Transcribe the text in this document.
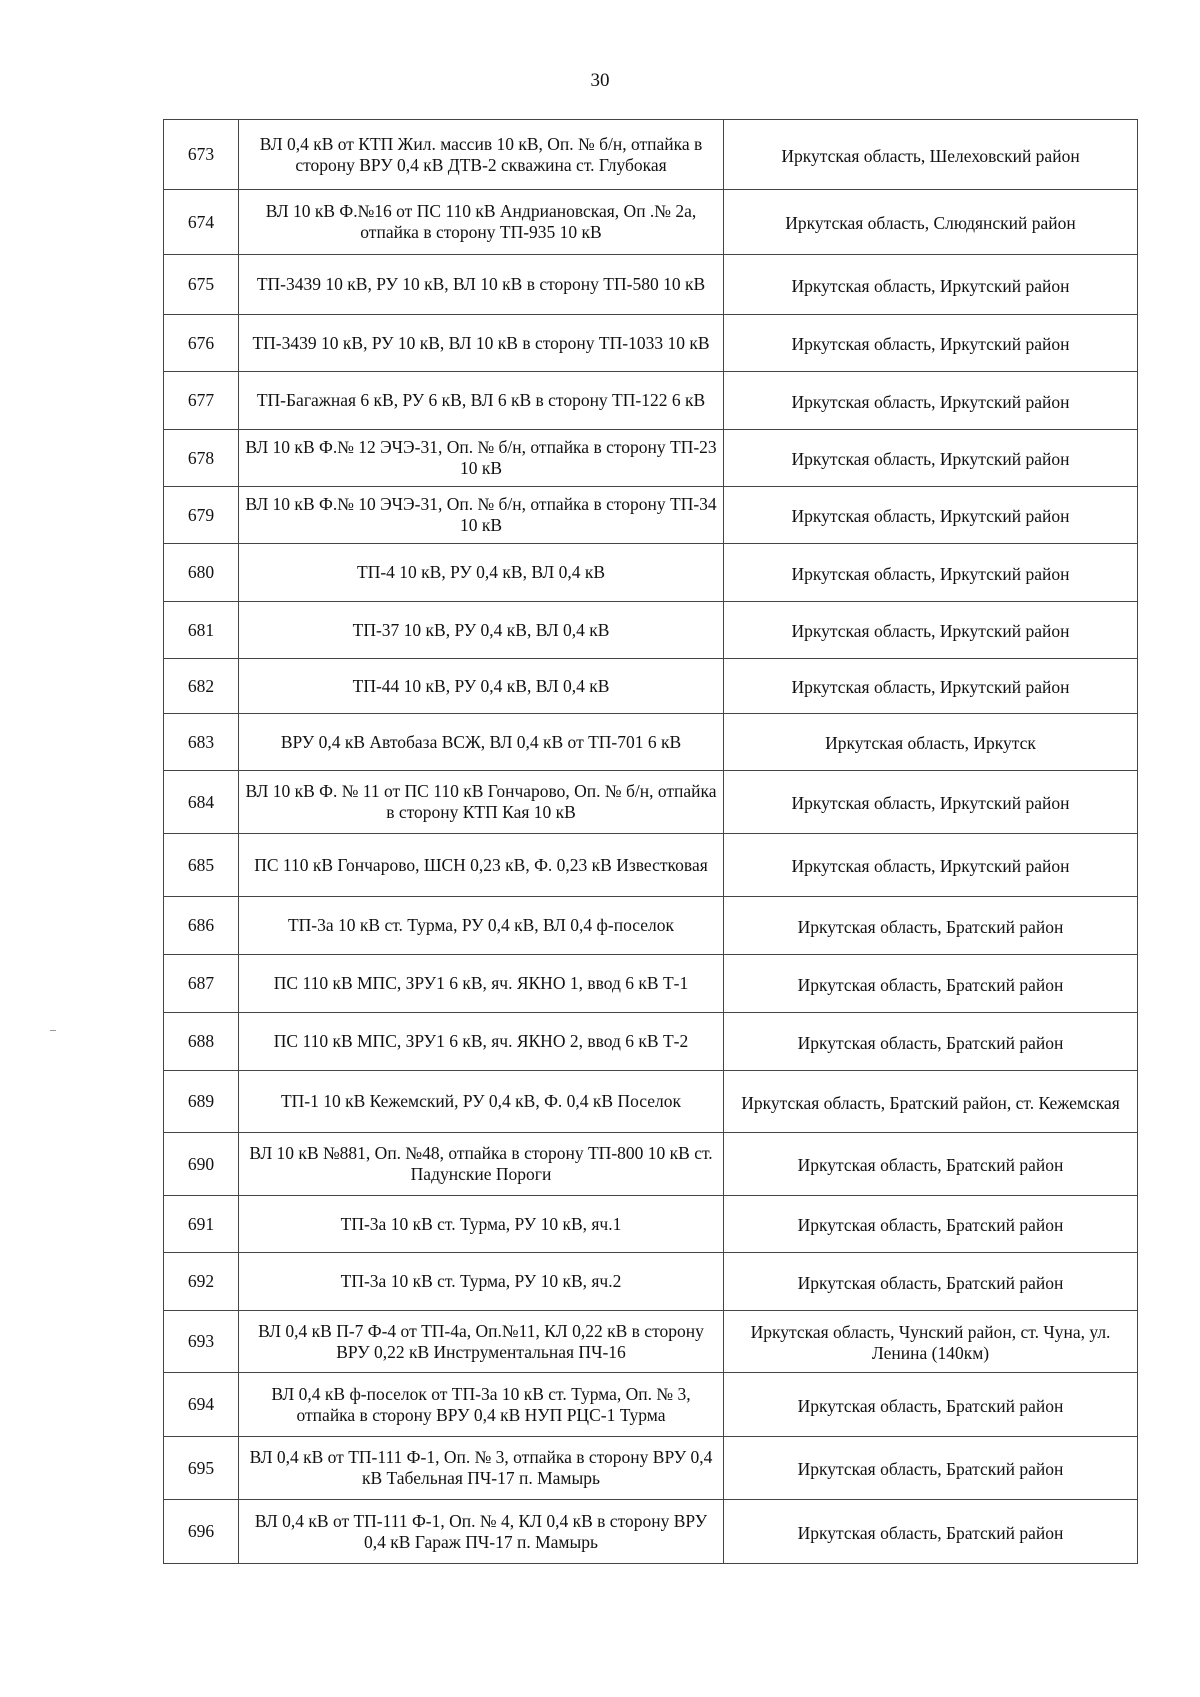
30
673	ВЛ 0,4 кВ от КТП Жил. массив 10 кВ, Оп. № б/н, отпайка в сторону ВРУ 0,4 кВ ДТВ-2 скважина ст. Глубокая	Иркутская область, Шелеховский район
674	ВЛ 10 кВ Ф.№16 от ПС 110 кВ Андриановская, Оп .№ 2а, отпайка в сторону ТП-935 10 кВ	Иркутская область, Слюдянский район
675	ТП-3439 10 кВ, РУ 10 кВ, ВЛ 10 кВ в сторону ТП-580 10 кВ	Иркутская область, Иркутский район
676	ТП-3439 10 кВ, РУ 10 кВ, ВЛ 10 кВ в сторону ТП-1033 10 кВ	Иркутская область, Иркутский район
677	ТП-Багажная 6 кВ, РУ 6 кВ, ВЛ 6 кВ в сторону ТП-122 6 кВ	Иркутская область, Иркутский район
678	ВЛ 10 кВ Ф.№ 12 ЭЧЭ-31, Оп. № б/н, отпайка в сторону ТП-23 10 кВ	Иркутская область, Иркутский район
679	ВЛ 10 кВ Ф.№ 10 ЭЧЭ-31, Оп. № б/н, отпайка в сторону ТП-34 10 кВ	Иркутская область, Иркутский район
680	ТП-4 10 кВ, РУ 0,4 кВ, ВЛ 0,4 кВ	Иркутская область, Иркутский район
681	ТП-37 10 кВ, РУ 0,4 кВ, ВЛ 0,4 кВ	Иркутская область, Иркутский район
682	ТП-44 10 кВ, РУ 0,4 кВ, ВЛ 0,4 кВ	Иркутская область, Иркутский район
683	ВРУ 0,4 кВ Автобаза ВСЖ, ВЛ 0,4 кВ от ТП-701 6 кВ	Иркутская область, Иркутск
684	ВЛ 10 кВ Ф. № 11 от ПС 110 кВ Гончарово, Оп. № б/н, отпайка в сторону КТП Кая 10 кВ	Иркутская область, Иркутский район
685	ПС 110 кВ Гончарово, ШСН 0,23 кВ, Ф. 0,23 кВ Известковая	Иркутская область, Иркутский район
686	ТП-3а 10 кВ ст. Турма, РУ 0,4 кВ, ВЛ 0,4 ф-поселок	Иркутская область, Братский район
687	ПС 110 кВ МПС, ЗРУ1 6 кВ, яч. ЯКНО 1, ввод 6 кВ Т-1	Иркутская область, Братский район
688	ПС 110 кВ МПС, ЗРУ1 6 кВ, яч. ЯКНО 2, ввод 6 кВ Т-2	Иркутская область, Братский район
689	ТП-1 10 кВ Кежемский, РУ 0,4 кВ, Ф. 0,4 кВ Поселок	Иркутская область, Братский район, ст. Кежемская
690	ВЛ 10 кВ №881, Оп. №48, отпайка в сторону ТП-800 10 кВ ст. Падунские Пороги	Иркутская область, Братский район
691	ТП-3а 10 кВ ст. Турма, РУ 10 кВ, яч.1	Иркутская область, Братский район
692	ТП-3а 10 кВ ст. Турма, РУ 10 кВ, яч.2	Иркутская область, Братский район
693	ВЛ 0,4 кВ П-7 Ф-4 от ТП-4а, Оп.№11, КЛ 0,22 кВ в сторону ВРУ 0,22 кВ Инструментальная ПЧ-16	Иркутская область, Чунский район, ст. Чуна, ул. Ленина (140км)
694	ВЛ 0,4 кВ ф-поселок от ТП-3а 10 кВ ст. Турма, Оп. № 3, отпайка в сторону ВРУ 0,4 кВ НУП РЦС-1 Турма	Иркутская область, Братский район
695	ВЛ 0,4 кВ от ТП-111 Ф-1, Оп. № 3, отпайка в сторону ВРУ 0,4 кВ Табельная ПЧ-17 п. Мамырь	Иркутская область, Братский район
696	ВЛ 0,4 кВ от ТП-111 Ф-1, Оп. № 4, КЛ 0,4 кВ в сторону ВРУ 0,4 кВ Гараж ПЧ-17 п. Мамырь	Иркутская область, Братский район
